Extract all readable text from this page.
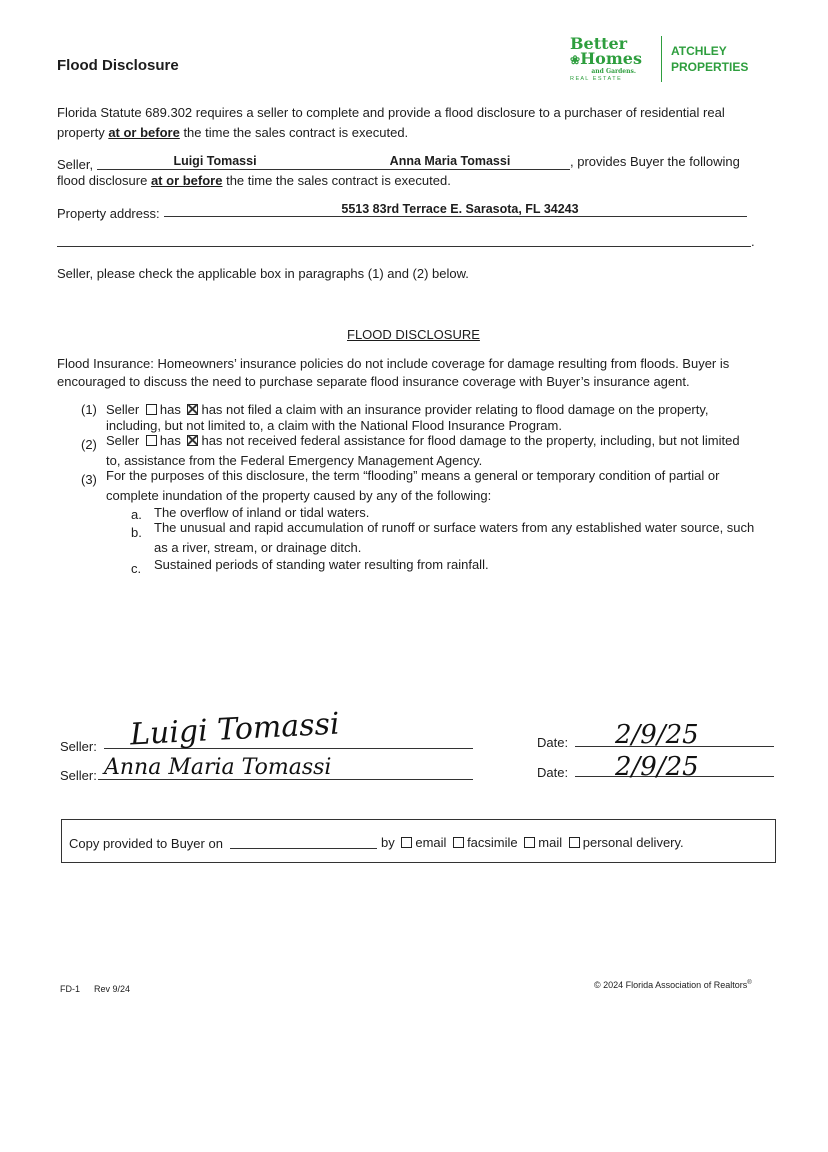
Flood Disclosure
Better
❀Homes
and Gardens.
R E A L   E S T A T E
ATCHLEY
PROPERTIES
Florida Statute 689.302 requires a seller to complete and provide a flood disclosure to a purchaser of residential real
property at or before the time the sales contract is executed.
Seller,	Luigi Tomassi	Anna Maria Tomassi	, provides Buyer the following
flood disclosure at or before the time the sales contract is executed.
Property address:	5513 83rd Terrace E. Sarasota, FL 34243
.
Seller, please check the applicable box in paragraphs (1) and (2) below.
FLOOD DISCLOSURE
Flood Insurance: Homeowners’ insurance policies do not include coverage for damage resulting from floods. Buyer is
encouraged to discuss the need to purchase separate flood insurance coverage with Buyer’s insurance agent.
(1) Seller has has not filed a claim with an insurance provider relating to flood damage on the property,
including, but not limited to, a claim with the National Flood Insurance Program.
(2) Seller has has not received federal assistance for flood damage to the property, including, but not limited
to, assistance from the Federal Emergency Management Agency.
(3) For the purposes of this disclosure, the term “flooding” means a general or temporary condition of partial or
complete inundation of the property caused by any of the following:
a. The overflow of inland or tidal waters.
b. The unusual and rapid accumulation of runoff or surface waters from any established water source, such
as a river, stream, or drainage ditch.
c. Sustained periods of standing water resulting from rainfall.
Seller: Luigi Tomassi
Seller: Anna Maria Tomassi
Date: 2/9/25
Date: 2/9/25
Copy provided to Buyer on	by email facsimile mail personal delivery.
FD-1 Rev 9/24	© 2024 Florida Association of Realtors®
